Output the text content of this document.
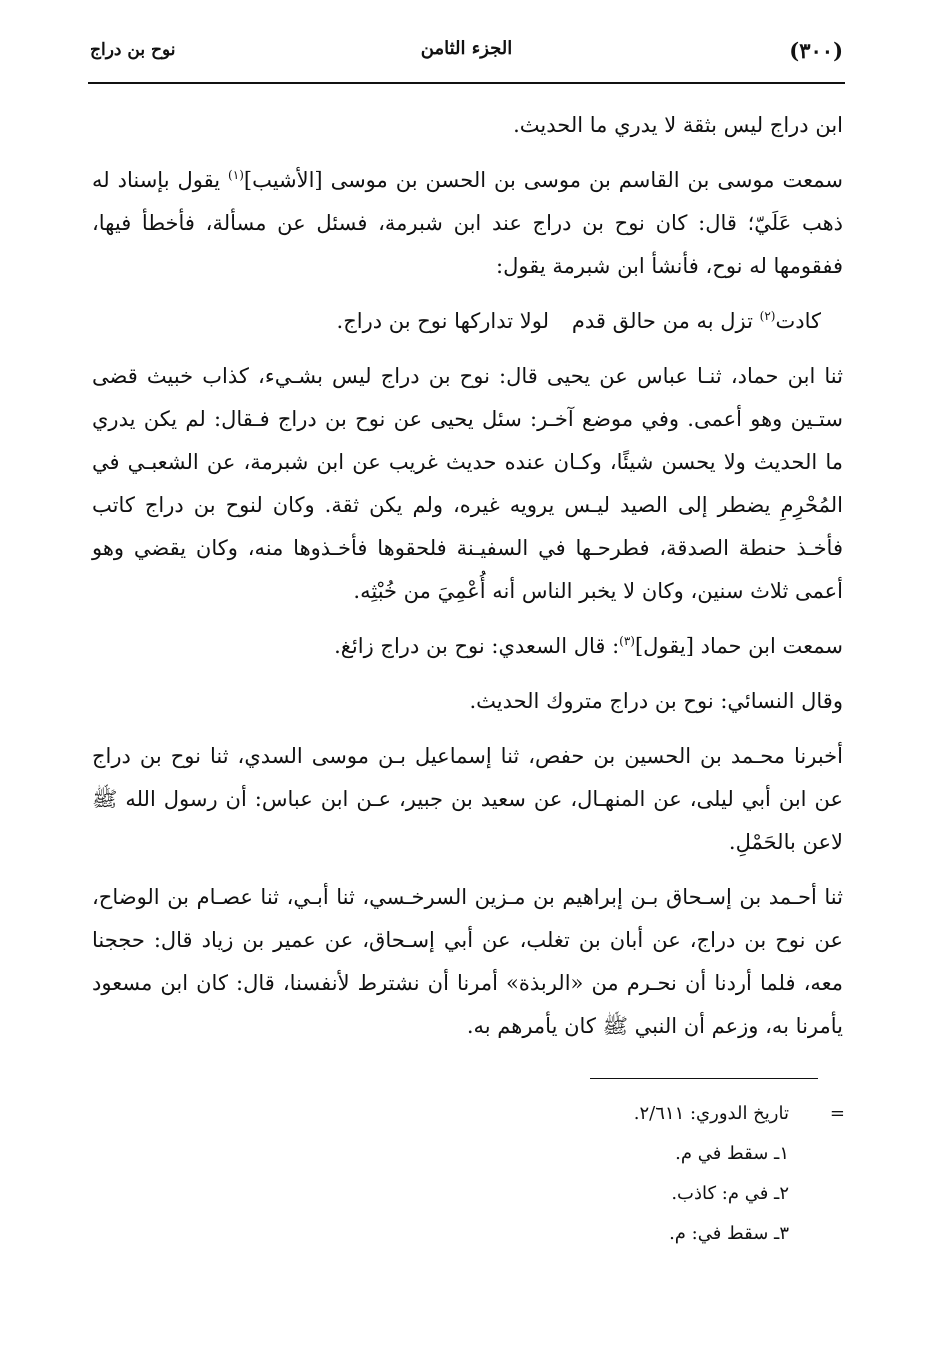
(٣٠٠)
الجزء الثامن
نوح بن دراج

ابن دراج ليس بثقة لا يدري ما الحديث.

سمعت موسى بن القاسم بن موسى بن الحسن بن موسى [الأشيب]$^{(١)}$ يقول بإسناد له ذهب عَلَيّ؛ قال: كان نوح بن دراج عند ابن شبرمة، فسئل عن مسألة، فأخطأ فيها، ففقومها له نوح، فأنشأ ابن شبرمة يقول:

كادت$^{(٢)}$ تزل به من حالق قدم
لولا تداركها نوح بن دراج.

ثنا ابن حماد، ثنـا عباس عن يحيى قال: نوح بن دراج ليس بشـيء، كذاب خبيث قضى ستـين وهو أعمى. وفي موضع آخـر: سئل يحيى عن نوح بن دراج فـقال: لم يكن يدري ما الحديث ولا يحسن شيئًا، وكـان عنده حديث غريب عن ابن شبرمة، عن الشعبـي في المُحْرِمِ يضطر إلى الصيد ليـس يرويه غيره، ولم يكن ثقة. وكان لنوح بن دراج كاتب فأخـذ حنطة الصدقة، فطرحـها في السفيـنة فلحقوها فأخـذوها منه، وكان يقضي وهو أعمى ثلاث سنين، وكان لا يخبر الناس أنه أُعْمِيَ من خُبْثِه.

سمعت ابن حماد [يقول]$^{(٣)}$: قال السعدي: نوح بن دراج زائغ.

وقال النسائي: نوح بن دراج متروك الحديث.

أخبرنا محـمد بن الحسين بن حفص، ثنا إسماعيل بـن موسى السدي، ثنا نوح بن دراج عن ابن أبي ليلى، عن المنهـال، عن سعيد بن جبير، عـن ابن عباس: أن رسول الله ﷺ لاعن بالحَمْلِ.

ثنا أحـمد بن إسـحاق بـن إبراهيم بن مـزين السرخـسي، ثنا أبـي، ثنا عصـام بن الوضاح، عن نوح بن دراج، عن أبان بن تغلب، عن أبي إسـحاق، عن عمير بن زياد قال: حججنا معه، فلما أردنا أن نحـرم من «الربذة» أمرنا أن نشترط لأنفسنا، قال: كان ابن مسعود يأمرنا به، وزعم أن النبي ﷺ كان يأمرهم به.

=
تاريخ الدوري: ٢/٦١١.
١ـ سقط في م.
٢ـ في م: كاذب.
٣ـ سقط في: م.
